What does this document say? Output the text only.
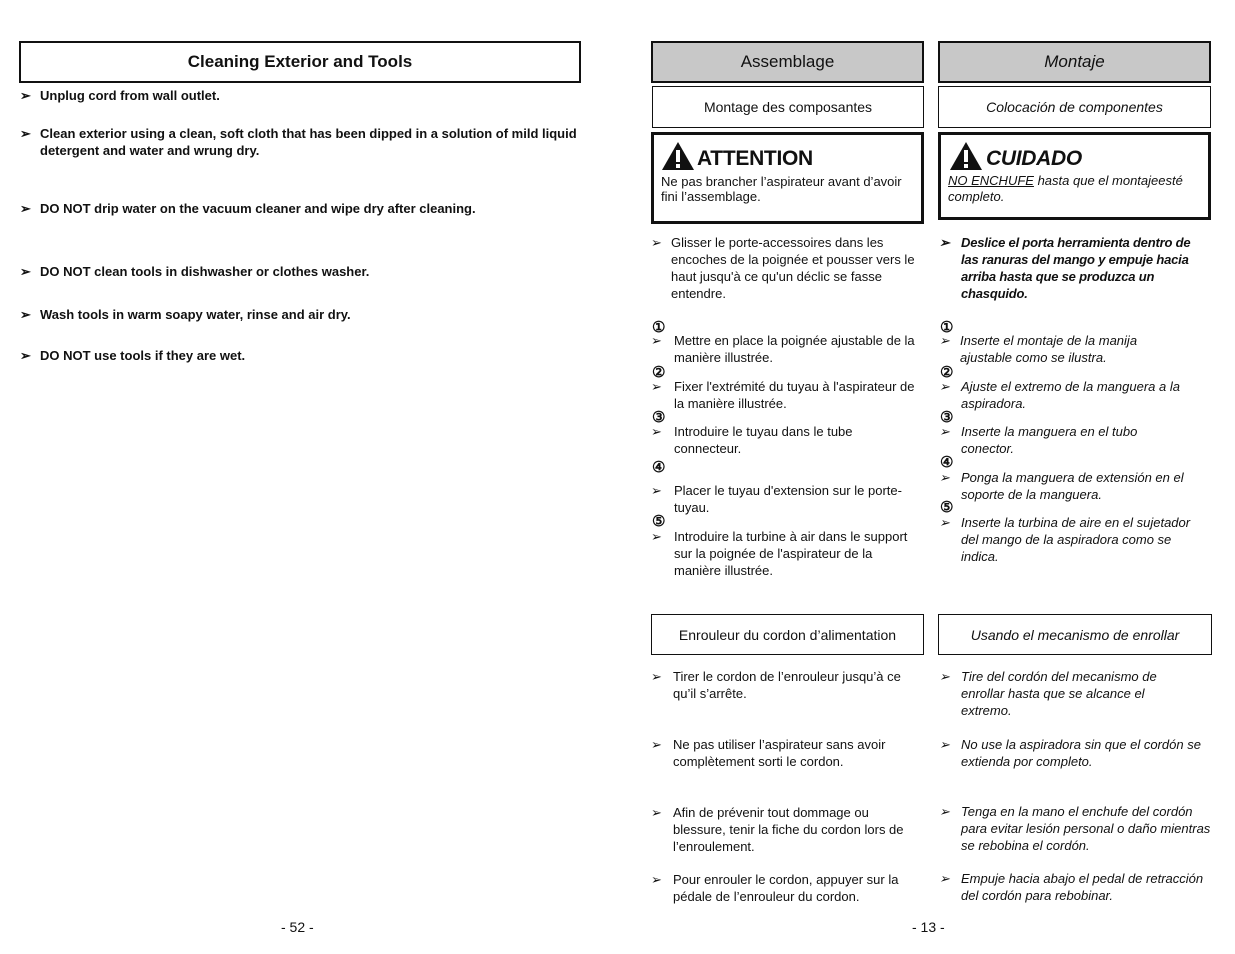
Cleaning Exterior and Tools
➢ Unplug cord from wall outlet.
➢ Clean exterior using a clean, soft cloth that has been dipped in a solution of mild liquid detergent and water and wrung dry.
➢ DO NOT drip water on the vacuum cleaner and wipe dry after cleaning.
➢ DO NOT clean tools in dishwasher or clothes washer.
➢ Wash tools in warm soapy water, rinse and air dry.
➢ DO NOT use tools if they are wet.
- 52 -
Assemblage
Montage des composantes
ATTENTION
Ne pas brancher l’aspirateur avant d’avoir fini l’assemblage.
➢ Glisser le porte-accessoires dans les encoches de la poignée et pousser vers le haut jusqu'à ce qu'un déclic se fasse entendre.
①
➢ Mettre en place la poignée ajustable de la manière illustrée.
②
➢ Fixer l'extrémité du tuyau à l'aspirateur de la manière illustrée.
③
➢ Introduire le tuyau dans le tube connecteur.
④
➢ Placer le tuyau d'extension sur le porte-tuyau.
⑤
➢ Introduire la turbine à air dans le support sur la poignée de l'aspirateur de la manière illustrée.
Enrouleur du cordon d’alimentation
➢ Tirer le cordon de l’enrouleur jusqu’à ce qu’il s’arrête.
➢ Ne pas utiliser l’aspirateur sans avoir complètement sorti le cordon.
➢ Afin de prévenir tout dommage ou blessure, tenir la fiche du cordon lors de l’enroulement.
➢ Pour enrouler le cordon, appuyer sur la pédale de l’enrouleur du cordon.
- 13 -
Montaje
Colocación de componentes
CUIDADO
NO ENCHUFE hasta que el montajeesté completo.
➢ Deslice el porta herramienta dentro de las ranuras del mango y empuje hacia arriba hasta que se produzca un chasquido.
①
➢ Inserte el montaje de la manija ajustable como se ilustra.
②
➢ Ajuste el extremo de la manguera a la aspiradora.
③
➢ Inserte la manguera en el tubo conector.
④
➢ Ponga la manguera de extensión en el soporte de la manguera.
⑤
➢ Inserte la turbina de aire en el sujetador del mango de la aspiradora como se indica.
Usando el mecanismo de enrollar
➢ Tire del cordón del mecanismo de enrollar hasta que se alcance el extremo.
➢ No use la aspiradora sin que el cordón se extienda por completo.
➢ Tenga en la mano el enchufe del cordón para evitar lesión personal o daño mientras se rebobina el cordón.
➢ Empuje hacia abajo el pedal de retracción del cordón para rebobinar.
